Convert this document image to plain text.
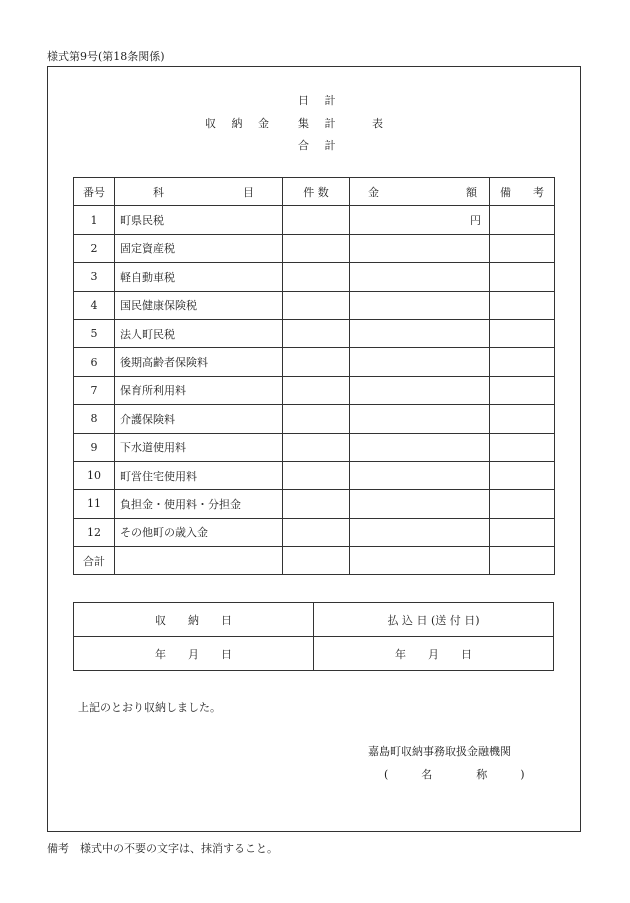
様式第9号(第18条関係)
日 計
収 納 金 集 計	表
合 計
番号	科 目	件 数	金 額	備 考

1	町県民税		円	
2	固定資産税			
3	軽自動車税			
4	国民健康保険税			
5	法人町民税			
6	後期高齢者保険料			
7	保育所利用料			
8	介護保険料			
9	下水道使用料			
10	町営住宅使用料			
11	負担金・使用料・分担金			
12	その他町の歳入金			
合計				
収　　納　　日	払 込 日 (送 付 日)
年　　月　　日	年　　月　　日
上記のとおり収納しました。
嘉島町収納事務取扱金融機関
(　　　名　　　　称　　　)
備考　様式中の不要の文字は、抹消すること。
